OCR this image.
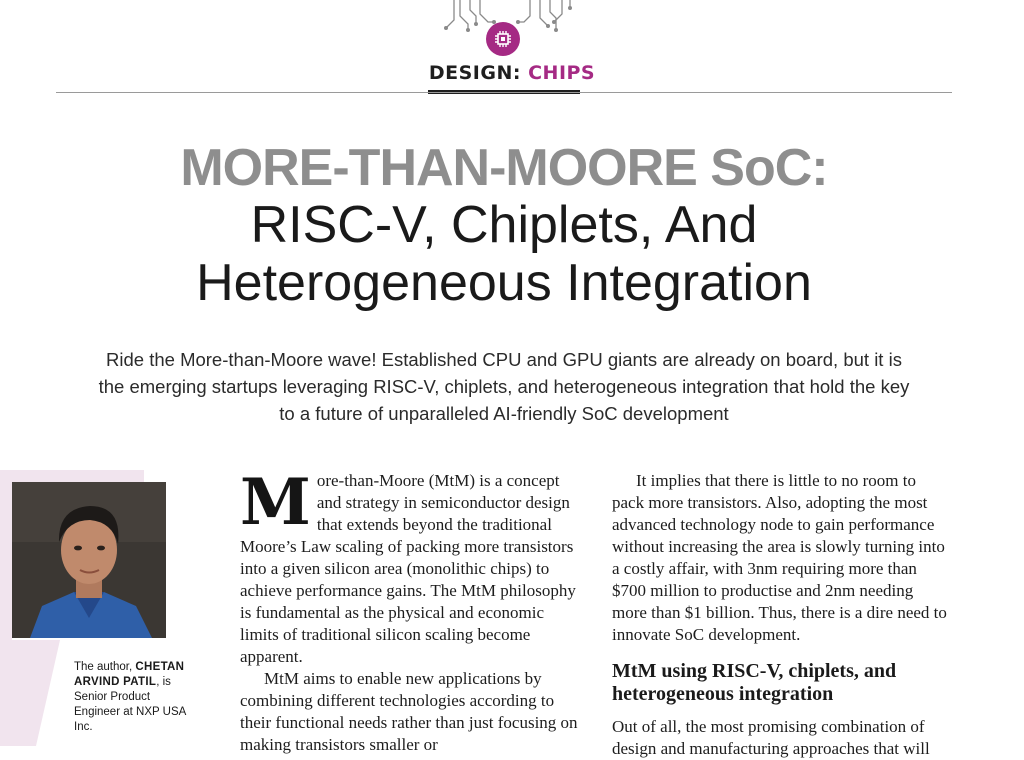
DESIGN: CHIPS
MORE-THAN-MOORE SoC:
RISC-V, Chiplets, And
Heterogeneous Integration
Ride the More-than-Moore wave! Established CPU and GPU giants are already on board, but it is the emerging startups leveraging RISC-V, chiplets, and heterogeneous integration that hold the key to a future of unparalleled AI-friendly SoC development
The author, CHETAN ARVIND PATIL, is Senior Product Engineer at NXP USA Inc.

More-than-Moore (MtM) is a concept and strategy in semiconductor design that extends beyond the traditional Moore’s Law scaling of packing more transistors into a given silicon area (monolithic chips) to achieve performance gains. The MtM philosophy is fundamental as the physical and economic limits of traditional silicon scaling become apparent.

MtM aims to enable new applications by combining different technologies according to their functional needs rather than just focusing on making transistors smaller or

It implies that there is little to no room to pack more transistors. Also, adopting the most advanced technology node to gain performance without increasing the area is slowly turning into a costly affair, with 3nm requiring more than $700 million to productise and 2nm needing more than $1 billion. Thus, there is a dire need to innovate SoC development.

MtM using RISC-V, chiplets, and heterogeneous integration

Out of all, the most promising combination of design and manufacturing approaches that will
